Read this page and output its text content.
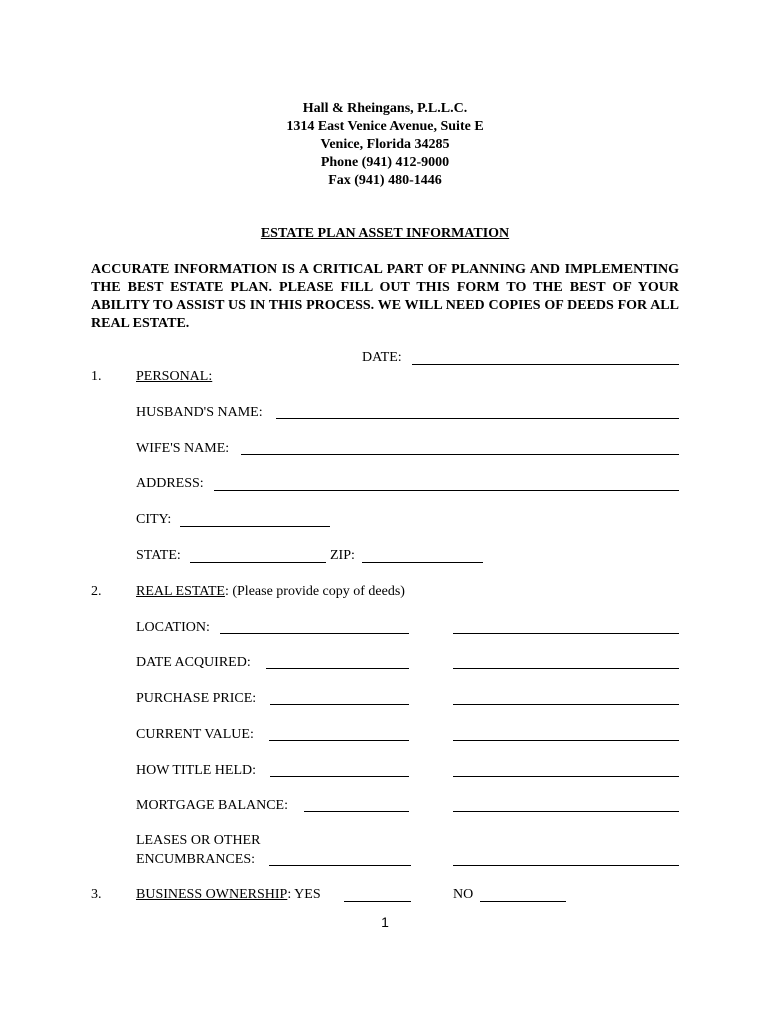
Hall & Rheingans, P.L.L.C.
1314 East Venice Avenue, Suite E
Venice, Florida 34285
Phone (941) 412-9000
Fax (941) 480-1446
ESTATE PLAN ASSET INFORMATION
ACCURATE INFORMATION IS A CRITICAL PART OF PLANNING AND IMPLEMENTING THE BEST ESTATE PLAN. PLEASE FILL OUT THIS FORM TO THE BEST OF YOUR ABILITY TO ASSIST US IN THIS PROCESS. WE WILL NEED COPIES OF DEEDS FOR ALL REAL ESTATE.
DATE:
1. PERSONAL:
HUSBAND'S NAME:
WIFE'S NAME:
ADDRESS:
CITY:
STATE:	ZIP:
2. REAL ESTATE: (Please provide copy of deeds)
LOCATION:
DATE ACQUIRED:
PURCHASE PRICE:
CURRENT VALUE:
HOW TITLE HELD:
MORTGAGE BALANCE:
LEASES OR OTHER
ENCUMBRANCES:
3. BUSINESS OWNERSHIP: YES	NO
1
